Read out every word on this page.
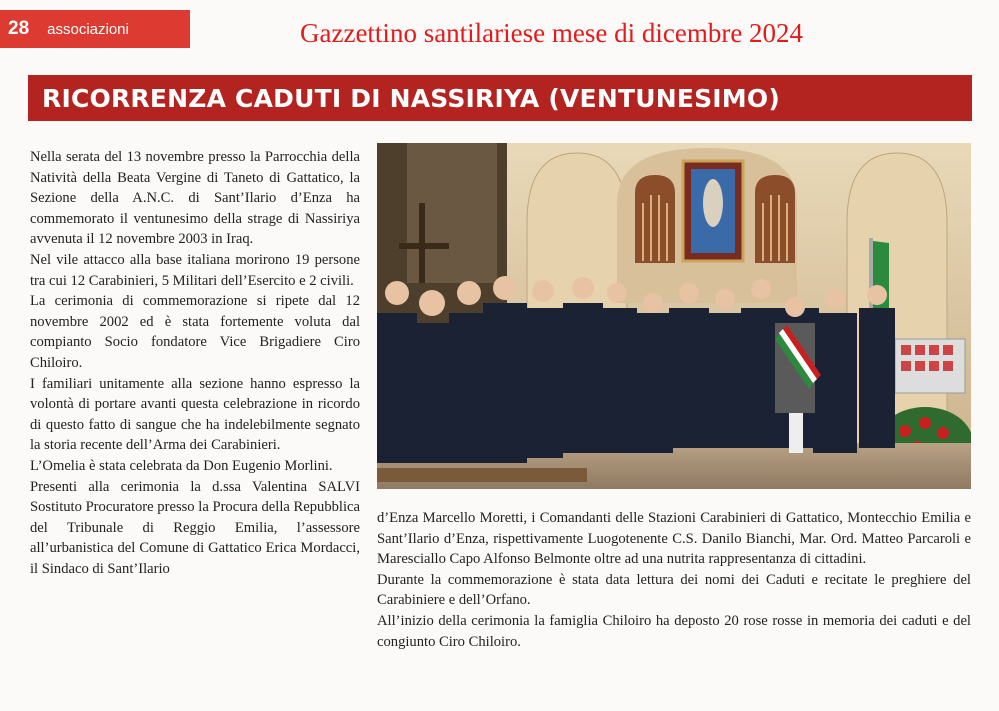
28 associazioni	Gazzettino santilariese mese di dicembre 2024
RICORRENZA CADUTI DI NASSIRIYA (VENTUNESIMO)

Nella serata del 13 novembre presso la Parrocchia della Natività della Beata Vergine di Taneto di Gattatico, la Sezione della A.N.C. di Sant’Ilario d’Enza ha commemorato il ventunesimo della strage di Nassiriya avvenuta il 12 novembre 2003 in Iraq.

Nel vile attacco alla base italiana morirono 19 persone tra cui 12 Carabinieri, 5 Militari dell’Esercito e 2 civili.

La cerimonia di commemorazione si ripete dal 12 novembre 2002 ed è stata fortemente voluta dal compianto Socio fondatore Vice Brigadiere Ciro Chiloiro.

I familiari unitamente alla sezione hanno espresso la volontà di portare avanti questa celebrazione in ricordo di questo fatto di sangue che ha indelebilmente segnato la storia recente dell’Arma dei Carabinieri.

L’Omelia è stata celebrata da Don Eugenio Morlini.

Presenti alla cerimonia la d.ssa Valentina SALVI Sostituto Procuratore presso la Procura della Repubblica del Tribunale di Reggio Emilia, l’assessore all’urbanistica del Comune di Gattatico Erica Mordacci, il Sindaco di Sant’Ilario

d’Enza Marcello Moretti, i Comandanti delle Stazioni Carabinieri di Gattatico, Montecchio Emilia e Sant’Ilario d’Enza, rispettivamente Luogotenente C.S. Danilo Bianchi, Mar. Ord. Matteo Parcaroli e Maresciallo Capo Alfonso Belmonte oltre ad una nutrita rappresentanza di cittadini.

Durante la commemorazione è stata data lettura dei nomi dei Caduti e recitate le preghiere del Carabiniere e dell’Orfano.

All’inizio della cerimonia la famiglia Chiloiro ha deposto 20 rose rosse in memoria dei caduti e del congiunto Ciro Chiloiro.
